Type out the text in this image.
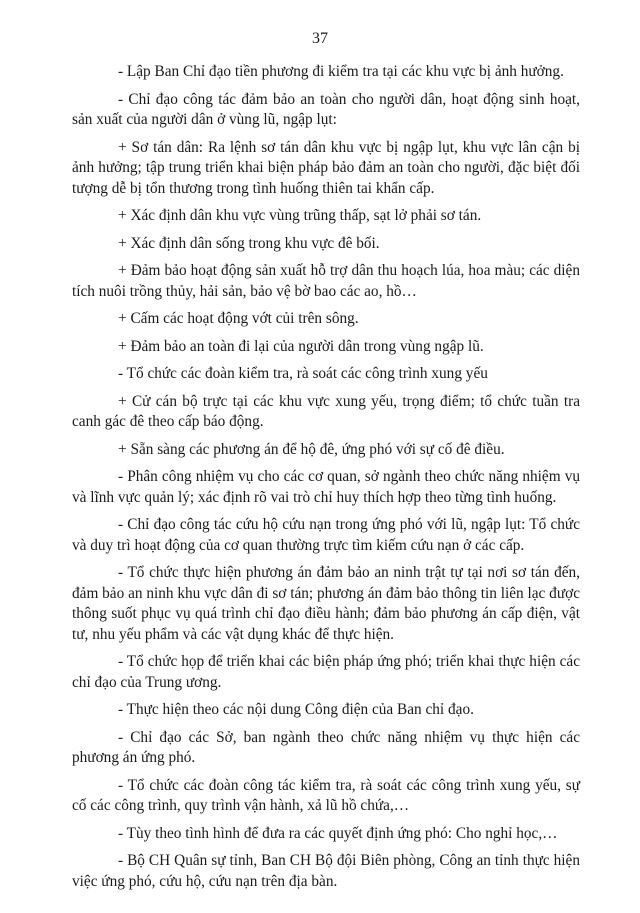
37

- Lập Ban Chỉ đạo tiền phương đi kiểm tra tại các khu vực bị ảnh hưởng.

- Chỉ đạo công tác đảm bảo an toàn cho người dân, hoạt động sinh hoạt, sản xuất của người dân ở vùng lũ, ngập lụt:

+ Sơ tán dân: Ra lệnh sơ tán dân khu vực bị ngập lụt, khu vực lân cận bị ảnh hưởng; tập trung triển khai biện pháp bảo đảm an toàn cho người, đặc biệt đối tượng dễ bị tổn thương trong tình huống thiên tai khẩn cấp.

+ Xác định dân khu vực vùng trũng thấp, sạt lở phải sơ tán.

+ Xác định dân sống trong khu vực đê bối.

+ Đảm bảo hoạt động sản xuất hỗ trợ dân thu hoạch lúa, hoa màu; các diện tích nuôi trồng thủy, hải sản, bảo vệ bờ bao các ao, hồ…

+ Cấm các hoạt động vớt củi trên sông.

+ Đảm bảo an toàn đi lại của người dân trong vùng ngập lũ.

- Tổ chức các đoàn kiểm tra, rà soát các công trình xung yếu

+ Cử cán bộ trực tại các khu vực xung yếu, trọng điểm; tổ chức tuần tra canh gác đê theo cấp báo động.

+ Sẵn sàng các phương án để hộ đê, ứng phó với sự cố đê điều.

- Phân công nhiệm vụ cho các cơ quan, sở ngành theo chức năng nhiệm vụ và lĩnh vực quản lý; xác định rõ vai trò chỉ huy thích hợp theo từng tình huống.

- Chỉ đạo công tác cứu hộ cứu nạn trong ứng phó với lũ, ngập lụt: Tổ chức và duy trì hoạt động của cơ quan thường trực tìm kiếm cứu nạn ở các cấp.

- Tổ chức thực hiện phương án đảm bảo an ninh trật tự tại nơi sơ tán đến, đảm bảo an ninh khu vực dân đi sơ tán; phương án đảm bảo thông tin liên lạc được thông suốt phục vụ quá trình chỉ đạo điều hành; đảm bảo phương án cấp điện, vật tư, nhu yếu phẩm và các vật dụng khác để thực hiện.

- Tổ chức họp để triển khai các biện pháp ứng phó; triển khai thực hiện các chỉ đạo của Trung ương.

- Thực hiện theo các nội dung Công điện của Ban chỉ đạo.

- Chỉ đạo các Sở, ban ngành theo chức năng nhiệm vụ thực hiện các phương án ứng phó.

- Tổ chức các đoàn công tác kiểm tra, rà soát các công trình xung yếu, sự cố các công trình, quy trình vận hành, xả lũ hồ chứa,…

- Tùy theo tình hình để đưa ra các quyết định ứng phó: Cho nghỉ học,…

- Bộ CH Quân sự tỉnh, Ban CH Bộ đội Biên phòng, Công an tỉnh thực hiện việc ứng phó, cứu hộ, cứu nạn trên địa bàn.
